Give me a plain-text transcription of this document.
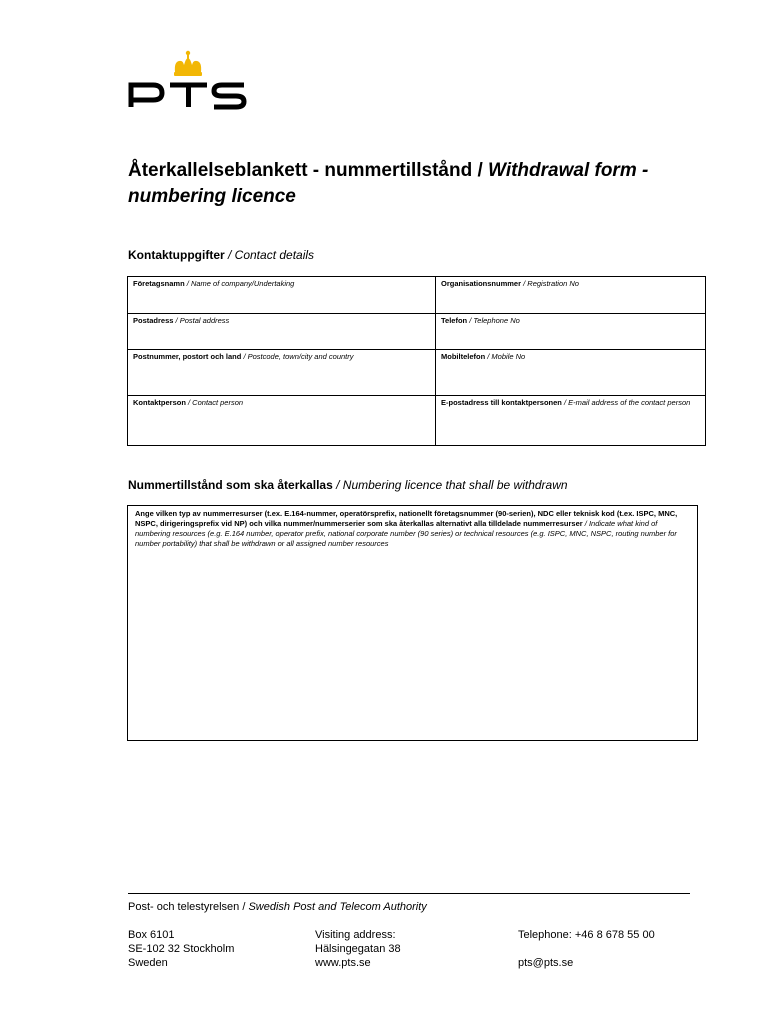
Återkallelseblankett - nummertillstånd / Withdrawal form - numbering licence
Kontaktuppgifter / Contact details
Företagsnamn / Name of company/Undertaking	Organisationsnummer / Registration No

Postadress / Postal address	Telefon / Telephone No

Postnummer, postort och land / Postcode, town/city and country	Mobiltelefon / Mobile No

Kontaktperson / Contact person	E-postadress till kontaktpersonen / E-mail address of the contact person
Nummertillstånd som ska återkallas / Numbering licence that shall be withdrawn
Ange vilken typ av nummerresurser (t.ex. E.164-nummer, operatörsprefix, nationellt företagsnummer (90-serien), NDC eller teknisk kod (t.ex. ISPC, MNC, NSPC, dirigeringsprefix vid NP) och vilka nummer/nummerserier som ska återkallas alternativt alla tilldelade nummerresurser / Indicate what kind of numbering resources (e.g. E.164 number, operator prefix, national corporate number (90 series) or technical resources (e.g. ISPC, MNC, NSPC, routing number for number portability) that shall be withdrawn or all assigned number resources
Post- och telestyrelsen / Swedish Post and Telecom Authority
Box 6101
SE-102 32 Stockholm
Sweden
Visiting address:
Hälsingegatan 38
www.pts.se
Telephone: +46 8 678 55 00
pts@pts.se
